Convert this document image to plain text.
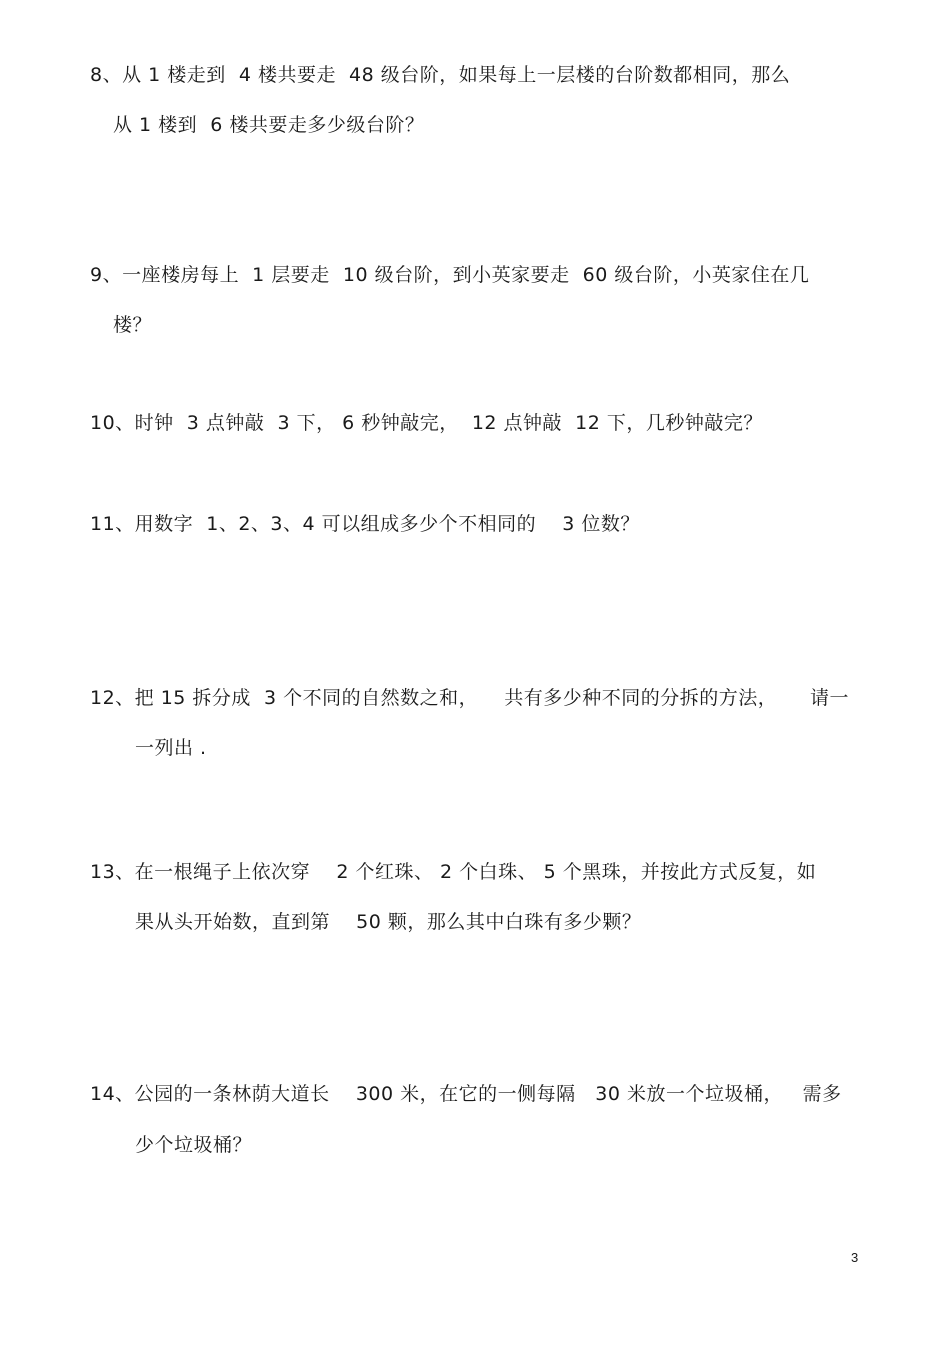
8、从 1 楼走到  4 楼共要走  48 级台阶，如果每上一层楼的台阶数都相同，那么
从 1 楼到  6 楼共要走多少级台阶？
9、一座楼房每上  1 层要走  10 级台阶，到小英家要走  60 级台阶，小英家住在几
楼？
10、时钟  3 点钟敲  3 下， 6 秒钟敲完，  12 点钟敲  12 下，几秒钟敲完？
11、用数字  1、2、3、4 可以组成多少个不相同的    3 位数？
12、把 15 拆分成  3 个不同的自然数之和，    共有多少种不同的分拆的方法，     请一
一列出 .
13、在一根绳子上依次穿    2 个红珠、 2 个白珠、 5 个黑珠，并按此方式反复，如
果从头开始数，直到第    50 颗，那么其中白珠有多少颗？
14、公园的一条林荫大道长    300 米，在它的一侧每隔   30 米放一个垃圾桶，   需多
少个垃圾桶？
3
